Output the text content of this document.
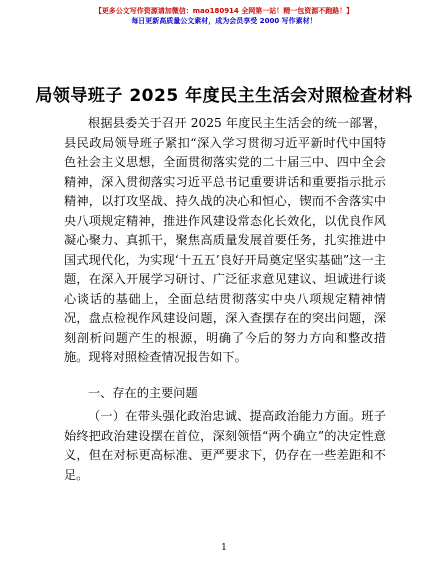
【更多公文写作资源请加微信：mao180914 全网第一站！精一包资源不跑路！】
每日更新高质量公文素材，成为会员享受 2000 写作素材！
局领导班子 2025 年度民主生活会对照检查材料
根据县委关于召开 2025 年度民主生活会的统一部署，县民政局领导班子紧扣“深入学习贯彻习近平新时代中国特色社会主义思想，全面贯彻落实党的二十届三中、四中全会精神，深入贯彻落实习近平总书记重要讲话和重要指示批示精神，以打攻坚战、持久战的决心和恒心，锲而不舍落实中央八项规定精神，推进作风建设常态化长效化，以优良作风凝心聚力、真抓干，聚焦高质量发展首要任务，扎实推进中国式现代化，为实现‘十五五’良好开局奠定坚实基础”这一主题，在深入开展学习研讨、广泛征求意见建议、坦诚进行谈心谈话的基础上，全面总结贯彻落实中央八项规定精神情况，盘点检视作风建设问题，深入查摆存在的突出问题，深刻剖析问题产生的根源，明确了今后的努力方向和整改措施。现将对照检查情况报告如下。
一、存在的主要问题
（一）在带头强化政治忠诚、提高政治能力方面。班子始终把政治建设摆在首位，深刻领悟“两个确立”的决定性意义，但在对标更高标准、更严要求下，仍存在一些差距和不足。
1
